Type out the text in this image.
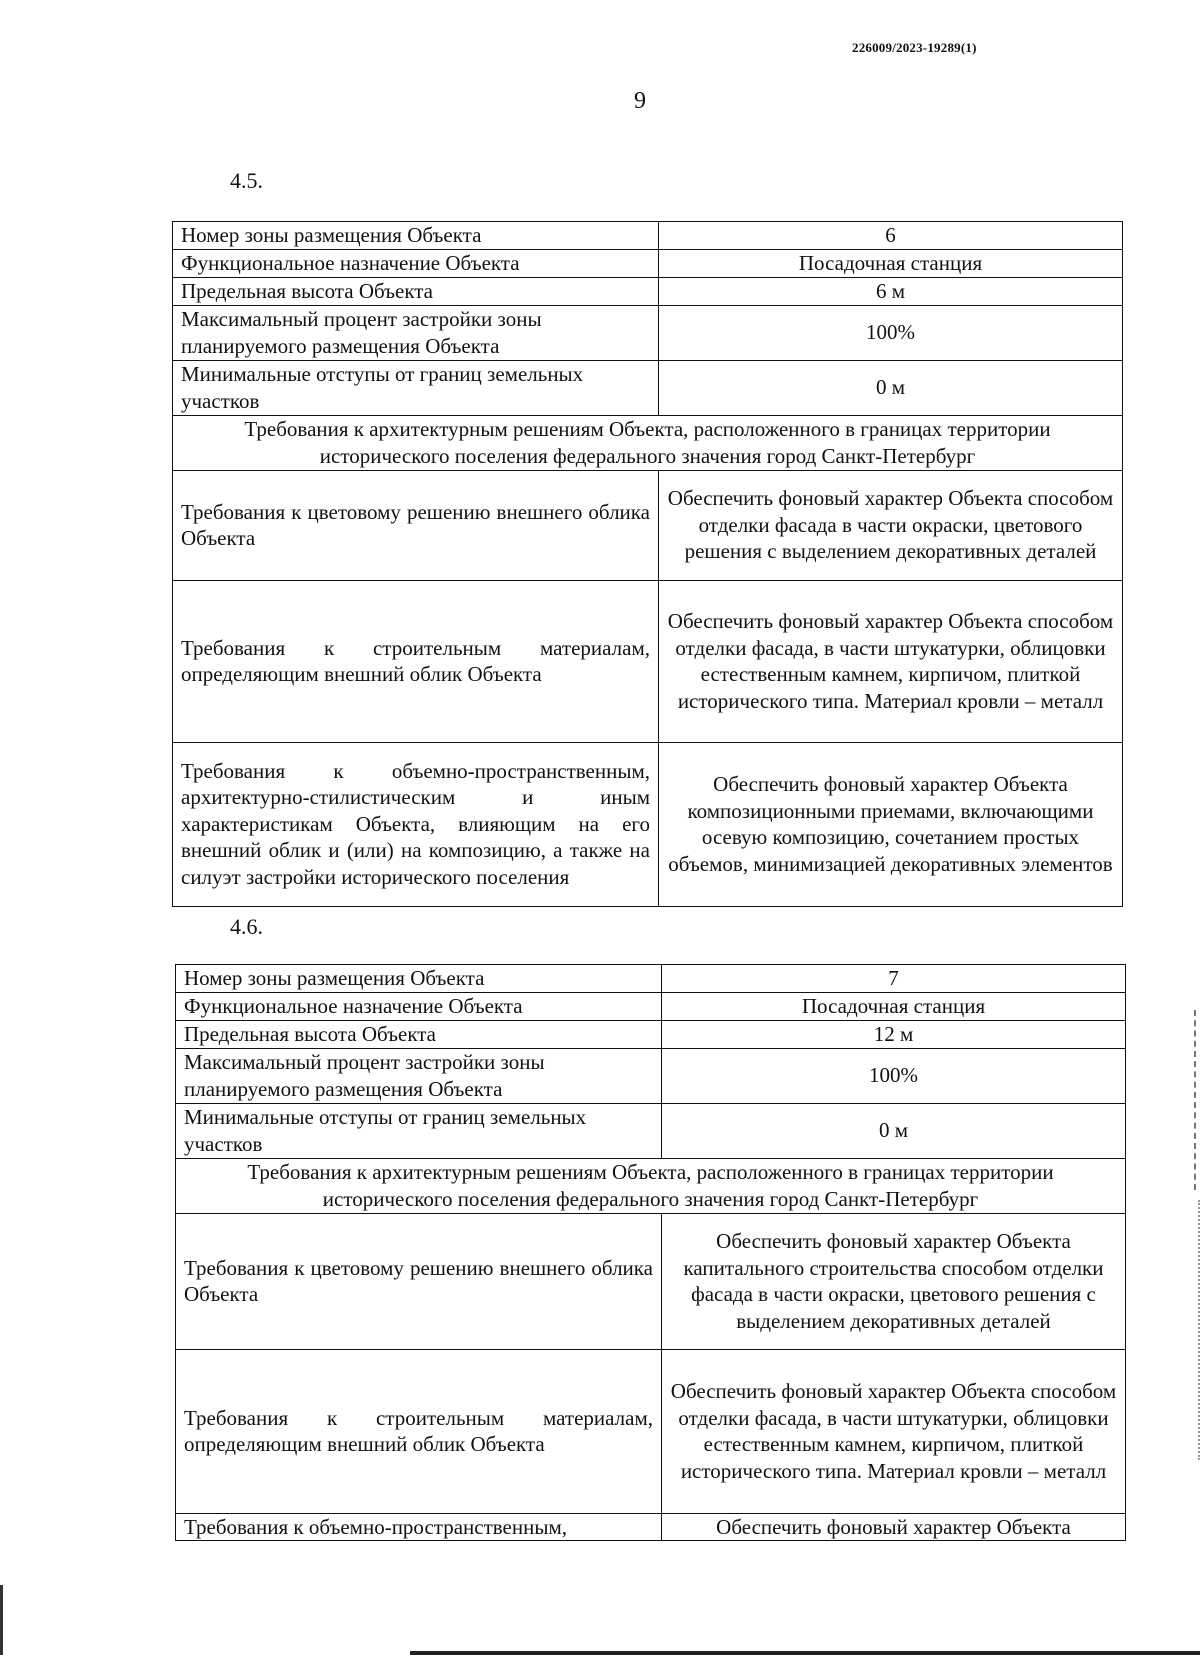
226009/2023-19289(1)
9
4.5.
Номер зоны размещения Объекта	6
Функциональное назначение Объекта	Посадочная станция
Предельная высота Объекта	6 м
Максимальный процент застройки зоны планируемого размещения Объекта	100%
Минимальные отступы от границ земельных участков	0 м
Требования к архитектурным решениям Объекта, расположенного в границах территории исторического поселения федерального значения город Санкт-Петербург	
Требования к цветовому решению внешнего облика Объекта	Обеспечить фоновый характер Объекта способом отделки фасада в части окраски, цветового решения с выделением декоративных деталей
Требования к строительным материалам, определяющим внешний облик Объекта	Обеспечить фоновый характер Объекта способом отделки фасада, в части штукатурки, облицовки естественным камнем, кирпичом, плиткой исторического типа. Материал кровли – металл
Требования к объемно-пространственным, архитектурно-стилистическим и иным характеристикам Объекта, влияющим на его внешний облик и (или) на композицию, а также на силуэт застройки исторического поселения	Обеспечить фоновый характер Объекта композиционными приемами, включающими осевую композицию, сочетанием простых объемов, минимизацией декоративных элементов
4.6.
Номер зоны размещения Объекта	7
Функциональное назначение Объекта	Посадочная станция
Предельная высота Объекта	12 м
Максимальный процент застройки зоны планируемого размещения Объекта	100%
Минимальные отступы от границ земельных участков	0 м
Требования к архитектурным решениям Объекта, расположенного в границах территории исторического поселения федерального значения город Санкт-Петербург	
Требования к цветовому решению внешнего облика Объекта	Обеспечить фоновый характер Объекта капитального строительства способом отделки фасада в части окраски, цветового решения с выделением декоративных деталей
Требования к строительным материалам, определяющим внешний облик Объекта	Обеспечить фоновый характер Объекта способом отделки фасада, в части штукатурки, облицовки естественным камнем, кирпичом, плиткой исторического типа. Материал кровли – металл
Требования к объемно-пространственным,	Обеспечить фоновый характер Объекта
